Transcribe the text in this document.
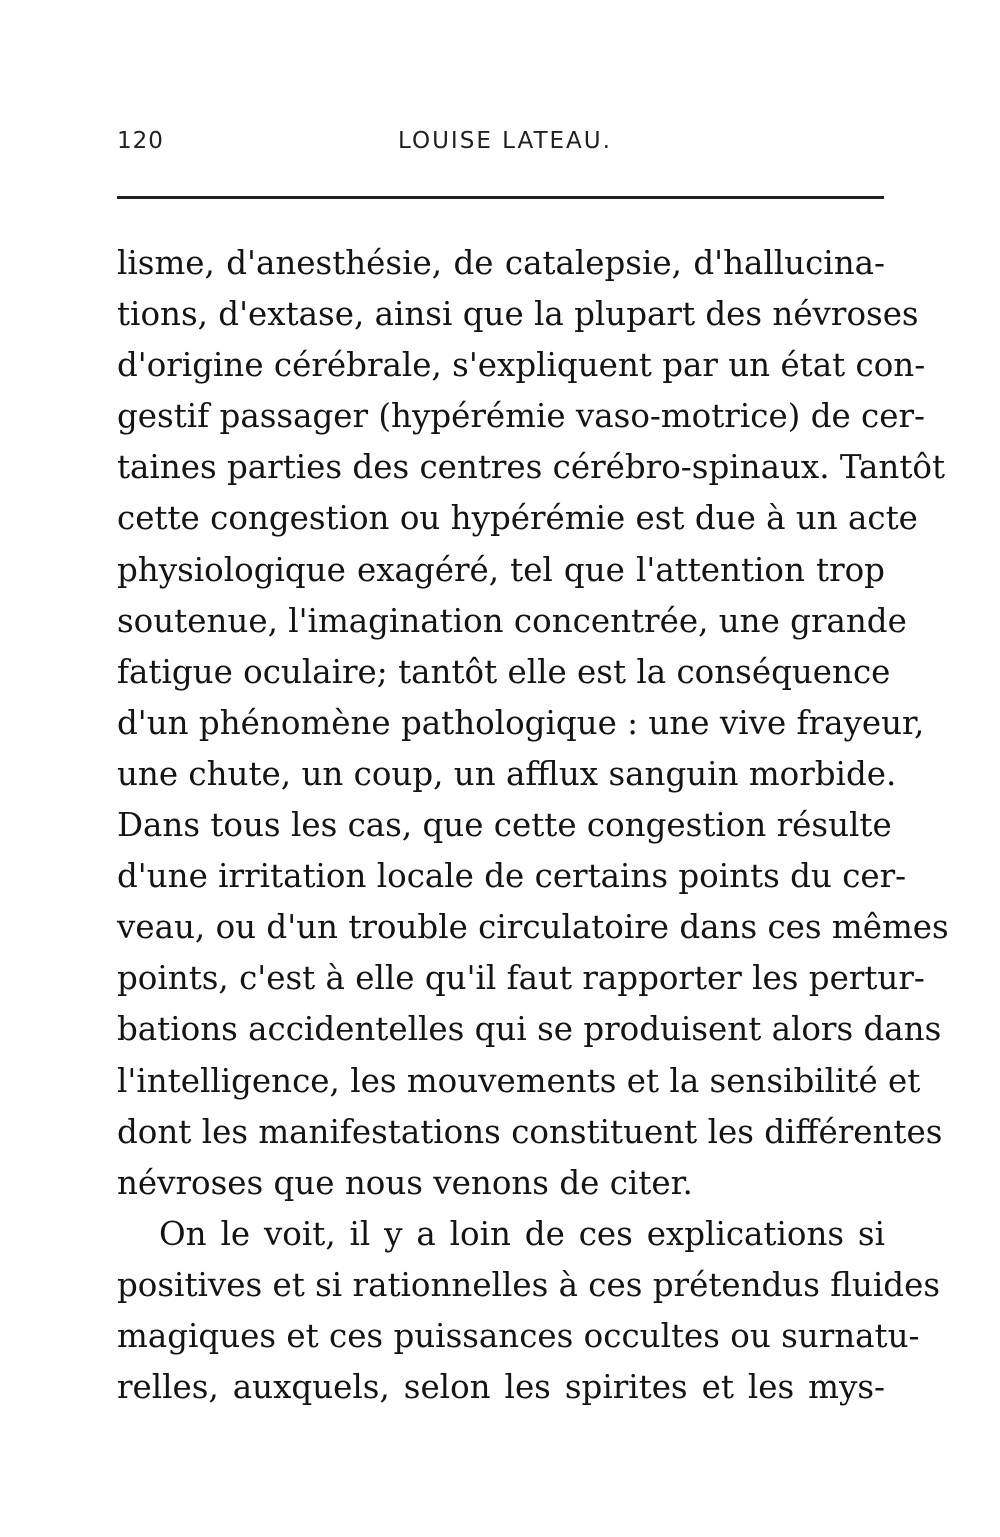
120	LOUISE LATEAU.
lisme, d'anesthésie, de catalepsie, d'hallucina-
tions, d'extase, ainsi que la plupart des névroses
d'origine cérébrale, s'expliquent par un état con-
gestif passager (hypérémie vaso-motrice) de cer-
taines parties des centres cérébro-spinaux. Tantôt
cette congestion ou hypérémie est due à un acte
physiologique exagéré, tel que l'attention trop
soutenue, l'imagination concentrée, une grande
fatigue oculaire; tantôt elle est la conséquence
d'un phénomène pathologique : une vive frayeur,
une chute, un coup, un afflux sanguin morbide.
Dans tous les cas, que cette congestion résulte
d'une irritation locale de certains points du cer-
veau, ou d'un trouble circulatoire dans ces mêmes
points, c'est à elle qu'il faut rapporter les pertur-
bations accidentelles qui se produisent alors dans
l'intelligence, les mouvements et la sensibilité et
dont les manifestations constituent les différentes
névroses que nous venons de citer.
On le voit, il y a loin de ces explications si
positives et si rationnelles à ces prétendus fluides
magiques et ces puissances occultes ou surnatu-
relles, auxquels, selon les spirites et les mys-
